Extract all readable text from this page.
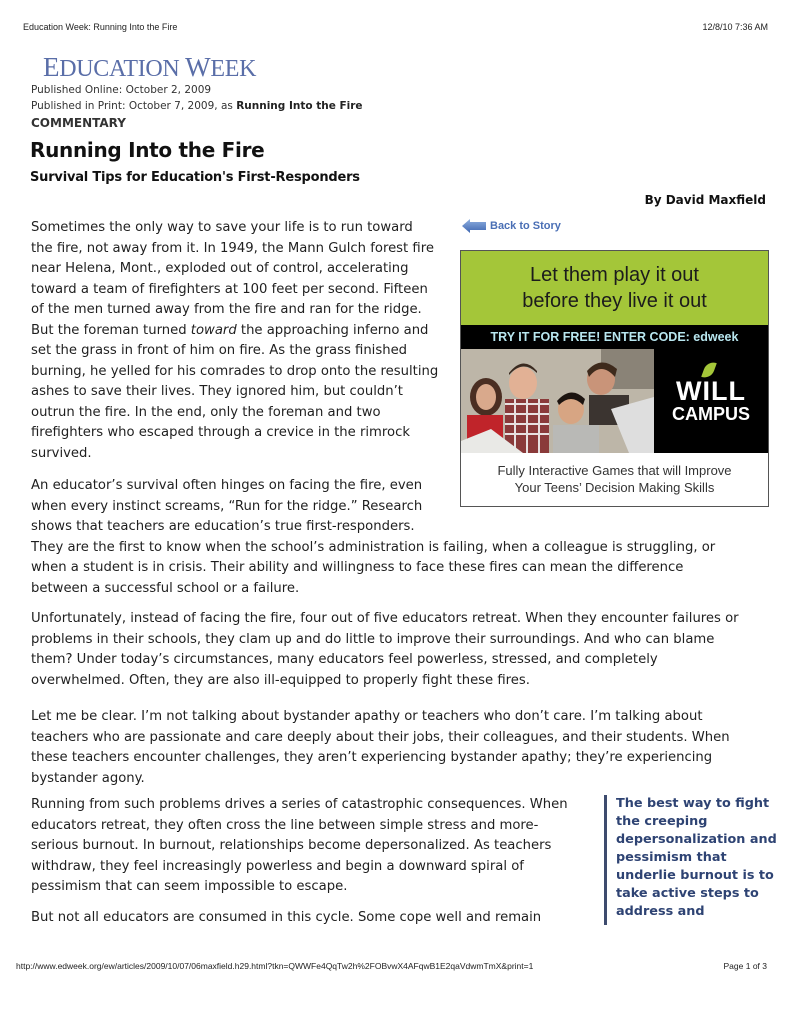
Education Week: Running Into the Fire	12/8/10 7:36 AM
EDUCATION WEEK
Published Online: October 2, 2009
Published in Print: October 7, 2009, as Running Into the Fire
COMMENTARY
Running Into the Fire
Survival Tips for Education's First-Responders
By David Maxfield
Sometimes the only way to save your life is to run toward
the fire, not away from it. In 1949, the Mann Gulch forest fire
near Helena, Mont., exploded out of control, accelerating
toward a team of firefighters at 100 feet per second. Fifteen
of the men turned away from the fire and ran for the ridge.
But the foreman turned toward the approaching inferno and
set the grass in front of him on fire. As the grass finished
burning, he yelled for his comrades to drop onto the resulting
ashes to save their lives. They ignored him, but couldn’t
outrun the fire. In the end, only the foreman and two
firefighters who escaped through a crevice in the rimrock
survived.
An educator’s survival often hinges on facing the fire, even
when every instinct screams, “Run for the ridge.” Research
shows that teachers are education’s true first-responders.
They are the first to know when the school’s administration is failing, when a colleague is struggling, or
when a student is in crisis. Their ability and willingness to face these fires can mean the difference
between a successful school or a failure.
Unfortunately, instead of facing the fire, four out of five educators retreat. When they encounter failures or
problems in their schools, they clam up and do little to improve their surroundings. And who can blame
them? Under today’s circumstances, many educators feel powerless, stressed, and completely
overwhelmed. Often, they are also ill-equipped to properly fight these fires.
Let me be clear. I’m not talking about bystander apathy or teachers who don’t care. I’m talking about
teachers who are passionate and care deeply about their jobs, their colleagues, and their students. When
these teachers encounter challenges, they aren’t experiencing bystander apathy; they’re experiencing
bystander agony.
Running from such problems drives a series of catastrophic consequences. When
educators retreat, they often cross the line between simple stress and more-
serious burnout. In burnout, relationships become depersonalized. As teachers
withdraw, they feel increasingly powerless and begin a downward spiral of
pessimism that can seem impossible to escape.
But not all educators are consumed in this cycle. Some cope well and remain
Back to Story
Let them play it out
before they live it out
TRY IT FOR FREE! ENTER CODE: edweek
WILL
CAMPUS
Fully Interactive Games that will Improve
Your Teens’ Decision Making Skills
The best way to fight the creeping depersonalization and pessimism that underlie burnout is to take active steps to address and
http://www.edweek.org/ew/articles/2009/10/07/06maxfield.h29.html?tkn=QWWFe4QqTw2h%2FOBvwX4AFqwB1E2qaVdwmTmX&print=1	Page 1 of 3
